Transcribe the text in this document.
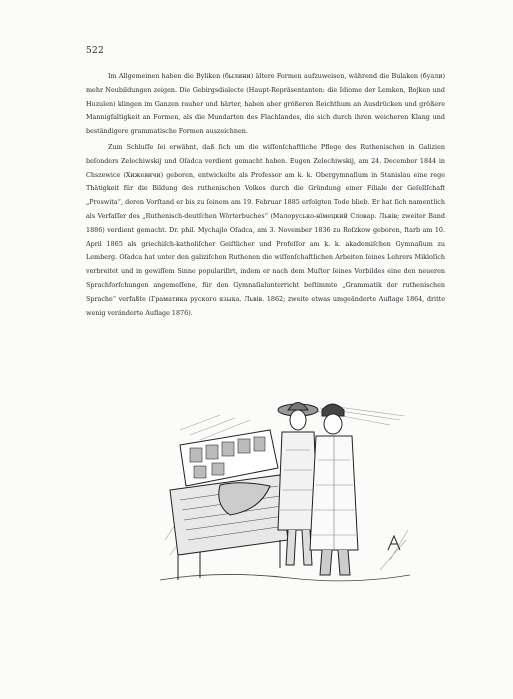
522

Im Allgemeinen haben die Byliken (былини) ältere Formen aufzuweisen, während die Bulaken (буали) mehr Neubildungen zeigen. Die Gebirgsdialecte (Haupt-Repräsentanten: die Idiome der Lemken, Bojken und Huzulen) klingen im Ganzen rauher und härter, haben aber größeren Reichthum an Ausdrücken und größere Mannigfaltigkeit an Formen, als die Mundarten des Flachlandes, die sich durch ihren weicheren Klang und beständigere grammatische Formen auszeichnen.

Zum Schluſſe ſei erwähnt, daß ſich um die wiſſenſchaftliche Pflege des Ruthenischen in Galizien beſonders Zelechiwskij und Oſadca verdient gemacht haben. Eugen Zelechiwskij, am 24. December 1844 in Chszewice (Хижевичи) geboren, entwickelte als Professor am k. k. Obergymnaſium in Stanislau eine rege Thätigkeit für die Bildung des ruthenischen Volkes durch die Gründung einer Filiale der Geſellſchaft „Proswita“, deren Vorſtand er bis zu ſeinem am 19. Februar 1885 erfolgten Tode blieb. Er hat ſich namentlich als Verfaſſer des „Ruthenisch-deutſchen Wörterbuches“ (Малорусько-нїмецкий Словар. Львів; zweiter Band 1886) verdient gemacht. Dr. phil. Mychajlo Oſadca, am 3. November 1836 zu Roſzkow geboren, ſtarb am 10. April 1865 als griechiſch-katholiſcher Geiſtlicher und Profeſſor am k. k. akademiſchen Gymnaſium zu Lemberg. Oſadca hat unter den galiziſchen Ruthenen die wiſſenſchaftlichen Arbeiten ſeines Lehrers Mikloſich verbreitet und in gewiſſem Sinne populariſirt, indem er nach dem Muſter ſeines Vorbildes eine den neueren Sprachforſchungen angemeſſene, für den Gymnaſialunterricht beſtimmte „Grammatik der ruthenischen Sprache“ verfaßte (Граматика руского языка. Львів. 1862; zweite etwas umgeänderte Auflage 1864, dritte wenig veränderte Auflage 1876).
